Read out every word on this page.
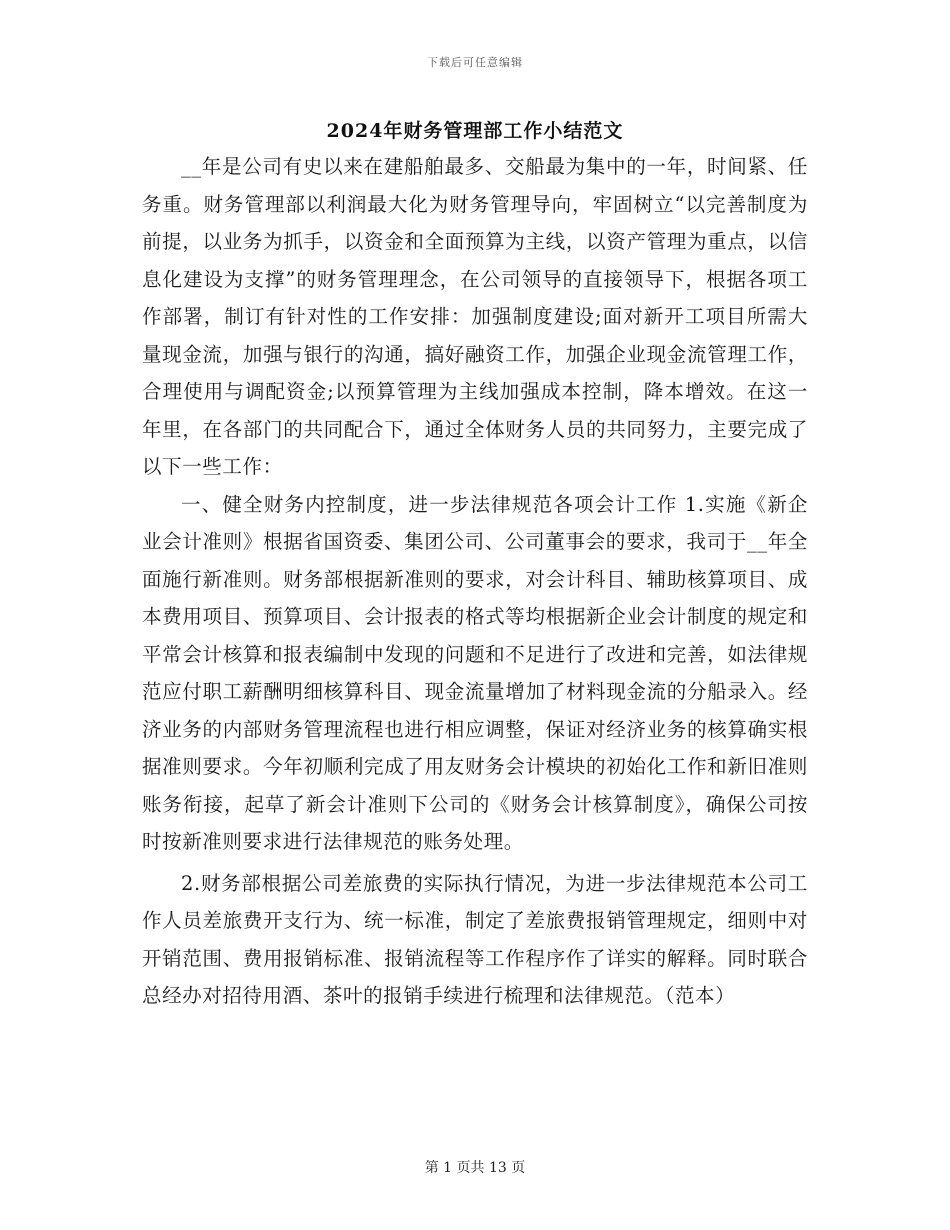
下载后可任意编辑
2024年财务管理部工作小结范文

__年是公司有史以来在建船舶最多、交船最为集中的一年，时间紧、任务重。财务管理部以利润最大化为财务管理导向，牢固树立“以完善制度为前提，以业务为抓手，以资金和全面预算为主线，以资产管理为重点，以信息化建设为支撑”的财务管理理念，在公司领导的直接领导下，根据各项工作部署，制订有针对性的工作安排：加强制度建设;面对新开工项目所需大量现金流，加强与银行的沟通，搞好融资工作，加强企业现金流管理工作，合理使用与调配资金;以预算管理为主线加强成本控制，降本增效。在这一年里，在各部门的共同配合下，通过全体财务人员的共同努力，主要完成了以下一些工作：

一、健全财务内控制度，进一步法律规范各项会计工作 1.实施《新企业会计准则》根据省国资委、集团公司、公司董事会的要求，我司于__年全面施行新准则。财务部根据新准则的要求，对会计科目、辅助核算项目、成本费用项目、预算项目、会计报表的格式等均根据新企业会计制度的规定和平常会计核算和报表编制中发现的问题和不足进行了改进和完善，如法律规范应付职工薪酬明细核算科目、现金流量增加了材料现金流的分船录入。经济业务的内部财务管理流程也进行相应调整，保证对经济业务的核算确实根据准则要求。今年初顺利完成了用友财务会计模块的初始化工作和新旧准则账务衔接，起草了新会计准则下公司的《财务会计核算制度》，确保公司按时按新准则要求进行法律规范的账务处理。

2.财务部根据公司差旅费的实际执行情况，为进一步法律规范本公司工作人员差旅费开支行为、统一标准，制定了差旅费报销管理规定，细则中对开销范围、费用报销标准、报销流程等工作程序作了详实的解释。同时联合总经办对招待用酒、茶叶的报销手续进行梳理和法律规范。（范本）

第 1 页共 13 页
